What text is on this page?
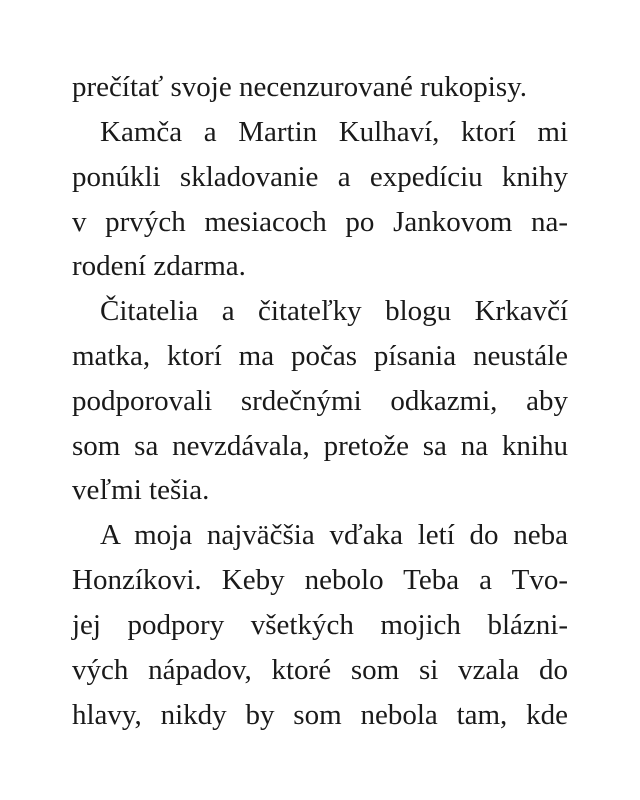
prečítať svoje necenzurované rukopisy.
Kamča a Martin Kulhaví, ktorí mi
ponúkli skladovanie a expedíciu knihy
v prvých mesiacoch po Jankovom na-
rodení zdarma.
Čitatelia a čitateľky blogu Krkavčí
matka, ktorí ma počas písania neustále
podporovali srdečnými odkazmi, aby
som sa nevzdávala, pretože sa na knihu
veľmi tešia.
A moja najväčšia vďaka letí do neba
Honzíkovi. Keby nebolo Teba a Tvo-
jej podpory všetkých mojich blázni-
vých nápadov, ktoré som si vzala do
hlavy, nikdy by som nebola tam, kde
